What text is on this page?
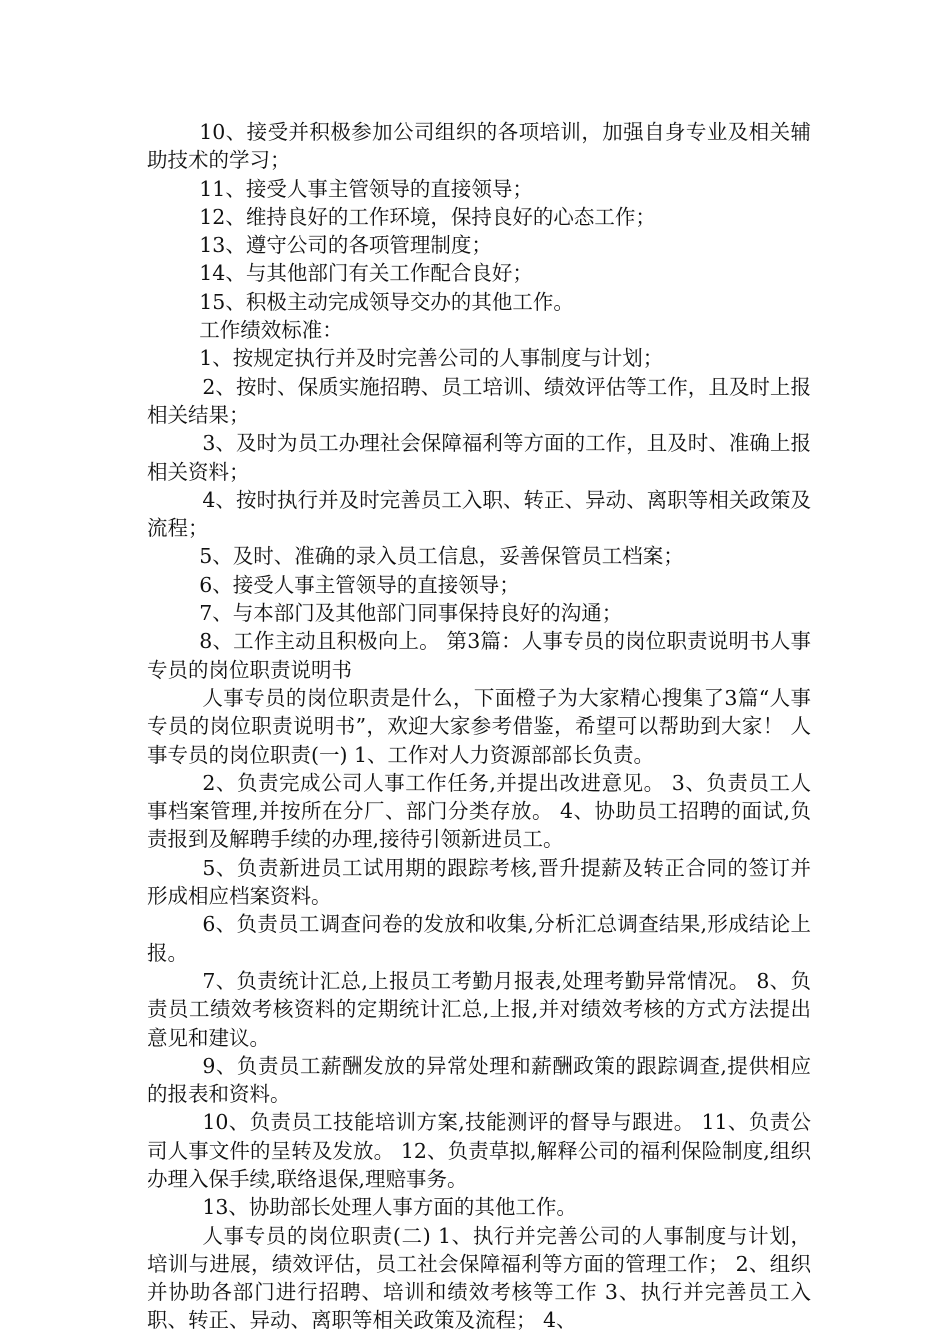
10、接受并积极参加公司组织的各项培训，加强自身专业及相关辅助技术的学习；

11、接受人事主管领导的直接领导；

12、维持良好的工作环境，保持良好的心态工作；

13、遵守公司的各项管理制度；

14、与其他部门有关工作配合良好；

15、积极主动完成领导交办的其他工作。

工作绩效标准：

1、按规定执行并及时完善公司的人事制度与计划；

2、按时、保质实施招聘、员工培训、绩效评估等工作，且及时上报相关结果；

3、及时为员工办理社会保障福利等方面的工作，且及时、准确上报相关资料；

4、按时执行并及时完善员工入职、转正、异动、离职等相关政策及流程；

5、及时、准确的录入员工信息，妥善保管员工档案；

6、接受人事主管领导的直接领导；

7、与本部门及其他部门同事保持良好的沟通；

8、工作主动且积极向上。 第3篇：人事专员的岗位职责说明书人事专员的岗位职责说明书

人事专员的岗位职责是什么，下面橙子为大家精心搜集了3篇“人事专员的岗位职责说明书”，欢迎大家参考借鉴，希望可以帮助到大家！ 人事专员的岗位职责(一) 1、工作对人力资源部部长负责。

2、负责完成公司人事工作任务,并提出改进意见。 3、负责员工人事档案管理,并按所在分厂、部门分类存放。 4、协助员工招聘的面试,负责报到及解聘手续的办理,接待引领新进员工。

5、负责新进员工试用期的跟踪考核,晋升提薪及转正合同的签订并形成相应档案资料。

6、负责员工调查问卷的发放和收集,分析汇总调查结果,形成结论上报。

7、负责统计汇总,上报员工考勤月报表,处理考勤异常情况。 8、负责员工绩效考核资料的定期统计汇总,上报,并对绩效考核的方式方法提出意见和建议。

9、负责员工薪酬发放的异常处理和薪酬政策的跟踪调查,提供相应的报表和资料。

10、负责员工技能培训方案,技能测评的督导与跟进。 11、负责公司人事文件的呈转及发放。 12、负责草拟,解释公司的福利保险制度,组织办理入保手续,联络退保,理赔事务。

13、协助部长处理人事方面的其他工作。

人事专员的岗位职责(二) 1、执行并完善公司的人事制度与计划，培训与进展，绩效评估，员工社会保障福利等方面的管理工作； 2、组织并协助各部门进行招聘、培训和绩效考核等工作 3、执行并完善员工入职、转正、异动、离职等相关政策及流程； 4、
